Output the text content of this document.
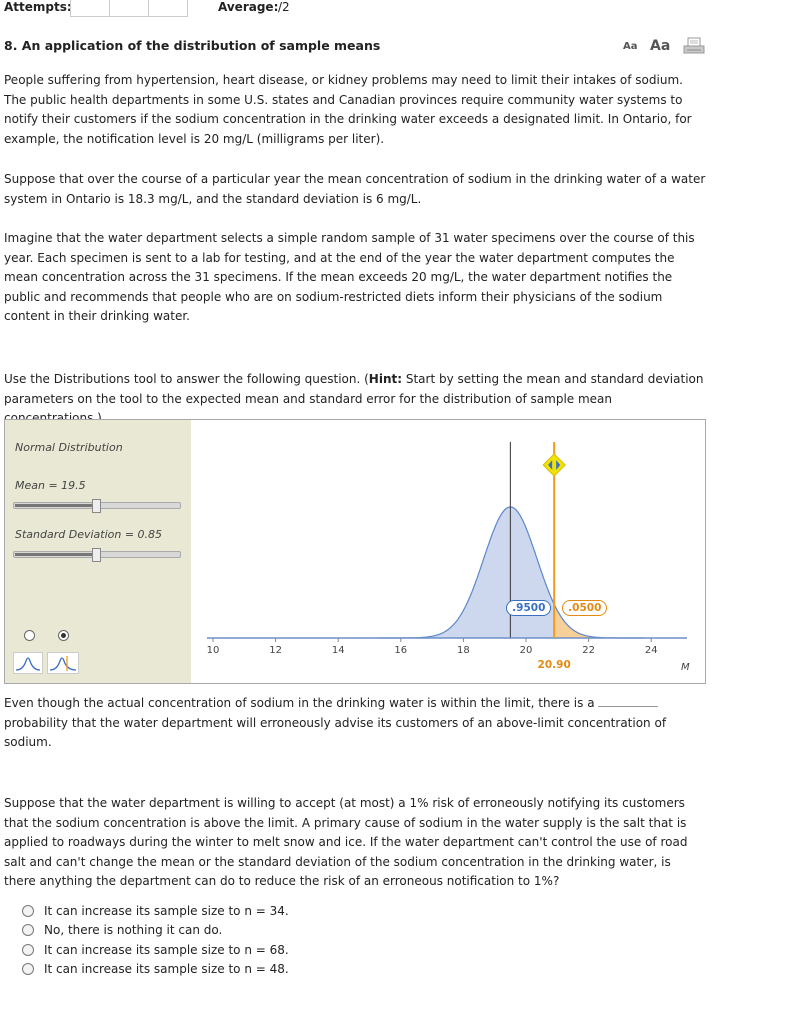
Attempts:	Average: /2
8. An application of the distribution of sample means	Aa Aa

People suffering from hypertension, heart disease, or kidney problems may need to limit their intakes of sodium. The public health departments in some U.S. states and Canadian provinces require community water systems to notify their customers if the sodium concentration in the drinking water exceeds a designated limit. In Ontario, for example, the notification level is 20 mg/L (milligrams per liter).

Suppose that over the course of a particular year the mean concentration of sodium in the drinking water of a water system in Ontario is 18.3 mg/L, and the standard deviation is 6 mg/L.

Imagine that the water department selects a simple random sample of 31 water specimens over the course of this year. Each specimen is sent to a lab for testing, and at the end of the year the water department computes the mean concentration across the 31 specimens. If the mean exceeds 20 mg/L, the water department notifies the public and recommends that people who are on sodium-restricted diets inform their physicians of the sodium content in their drinking water.

Use the Distributions tool to answer the following question. (Hint: Start by setting the mean and standard deviation parameters on the tool to the expected mean and standard error for the distribution of sample mean

Normal Distribution
Mean = 19.5
Standard Deviation = 0.85
10	12	14	16	18	20	22	24
20.90	M
.9500	.0500

Even though the actual concentration of sodium in the drinking water is within the limit, there is a  probability that the water department will erroneously advise its customers of an above-limit concentration of sodium.

Suppose that the water department is willing to accept (at most) a 1% risk of erroneously notifying its customers that the sodium concentration is above the limit. A primary cause of sodium in the water supply is the salt that is applied to roadways during the winter to melt snow and ice. If the water department can't control the use of road salt and can't change the mean or the standard deviation of the sodium concentration in the drinking water, is there anything the department can do to reduce the risk of an erroneous notification to 1%?

It can increase its sample size to n = 34.
No, there is nothing it can do.
It can increase its sample size to n = 68.
It can increase its sample size to n = 48.
